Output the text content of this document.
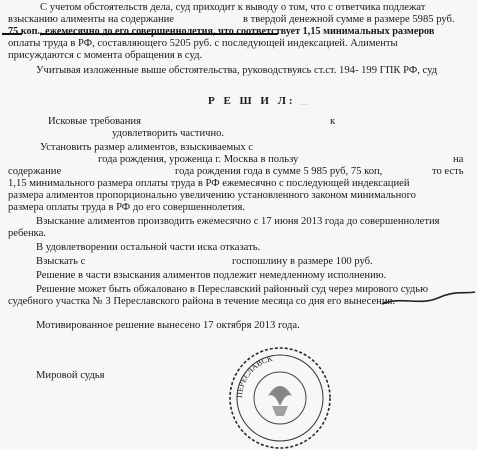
—
С учетом обстоятельств дела, суд приходит к выводу о том, что с ответчика подлежат
взысканию алименты на содержание	в твердой денежной сумме в размере 5985 руб.
75 коп., ежемесячно до его совершеннолетия, что соответствует 1,15 минимальных размеров
оплаты труда в РФ, составляющего 5205 руб. с последующей индексацией. Алименты
присуждаются с момента обращения в суд.
Учитывая изложенные выше обстоятельства, руководствуясь ст.ст. 194- 199 ГПК РФ, суд
Р Е Ш И Л:
Исковые требования	к
удовлетворить частично.
Установить размер алиментов, взыскиваемых с
года рождения, уроженца г. Москва в пользу	на
содержание	года рождения года в сумме 5 985 руб, 75 коп,	то есть
1,15 минимального размера оплаты труда в РФ ежемесячно с последующей индексацией
размера алиментов пропорционально увеличению установленного законом минимального
размера оплаты труда в РФ до его совершеннолетия.
Взыскание алиментов производить ежемесячно с 17 июня 2013 года до совершеннолетия
ребенка.
В удовлетворении остальной части иска отказать.
Взыскать с	госпошлину в размере 100 руб.
Решение в части взыскания алиментов подлежит немедленному исполнению.
Решение может быть обжаловано в Переславский районный суд через мирового судью
судебного участка № 3 Переславского района в течение месяца со дня его вынесения.
Мотивированное решение вынесено 17 октября 2013 года.
Мировой судья
ПЕРЕСЛАВСК
